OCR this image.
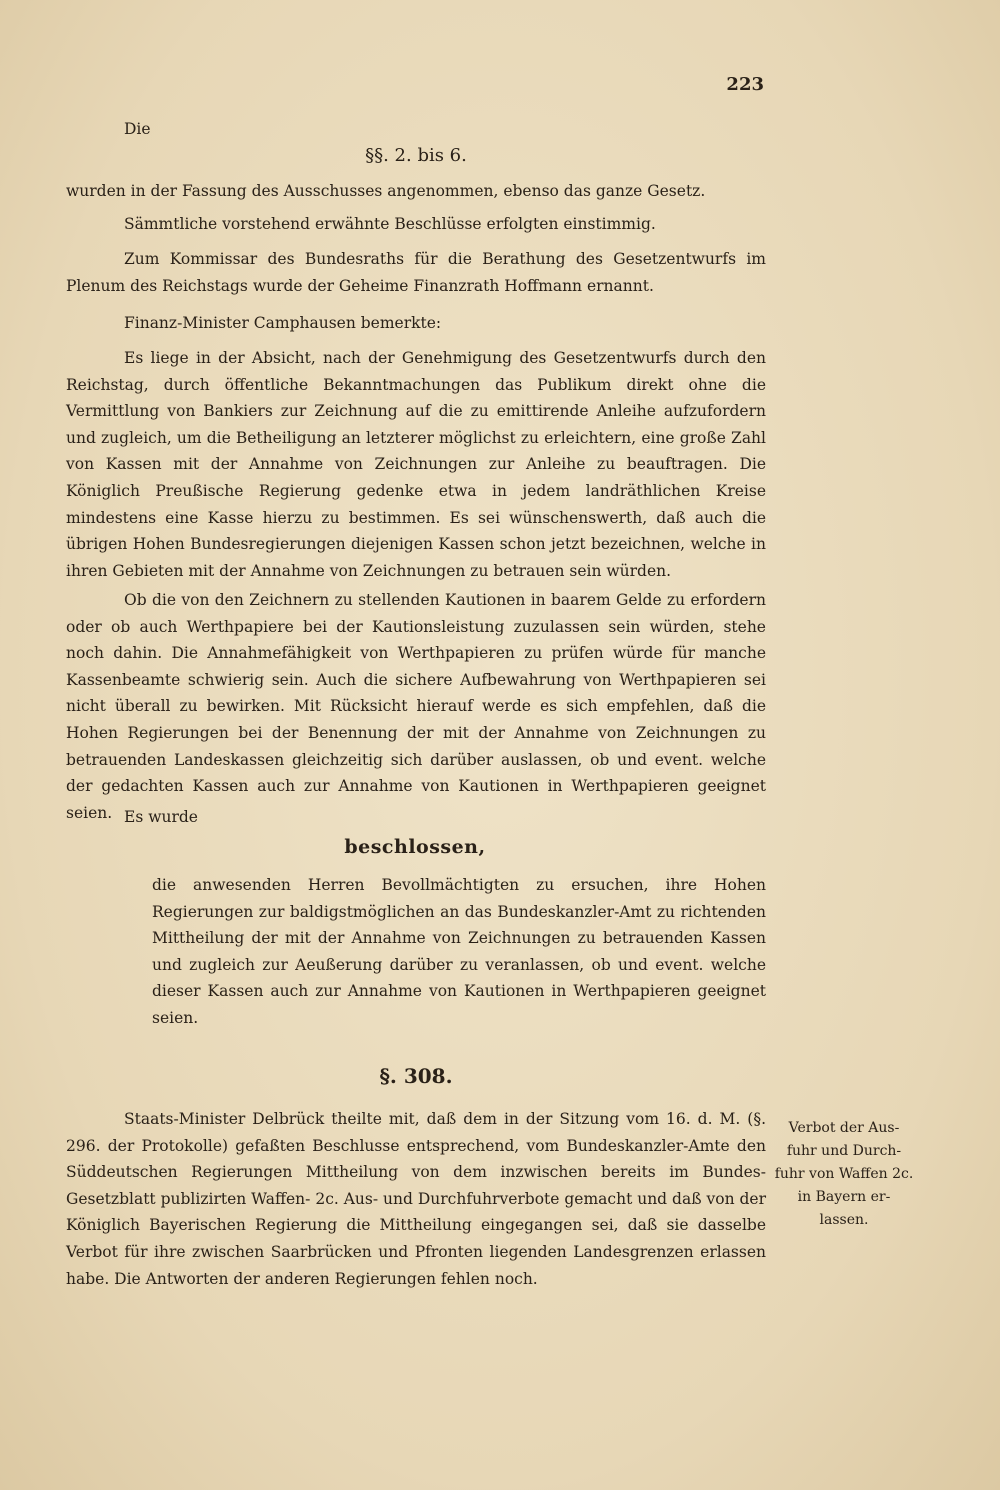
223
Die
§§. 2. bis 6.
wurden in der Fassung des Ausschusses angenommen, ebenso das ganze Gesetz.
Sämmtliche vorstehend erwähnte Beschlüsse erfolgten einstimmig.

Zum Kommissar des Bundesraths für die Berathung des Gesetzentwurfs im Plenum des Reichstags wurde der Geheime Finanzrath Hoffmann ernannt.

Finanz-Minister Camphausen bemerkte:

Es liege in der Absicht, nach der Genehmigung des Gesetzentwurfs durch den Reichstag, durch öffentliche Bekanntmachungen das Publikum direkt ohne die Vermittlung von Bankiers zur Zeichnung auf die zu emittirende Anleihe aufzufordern und zugleich, um die Betheiligung an letzterer möglichst zu erleichtern, eine große Zahl von Kassen mit der Annahme von Zeichnungen zur Anleihe zu beauftragen. Die Königlich Preußische Regierung gedenke etwa in jedem landräthlichen Kreise mindestens eine Kasse hierzu zu bestimmen. Es sei wünschenswerth, daß auch die übrigen Hohen Bundesregierungen diejenigen Kassen schon jetzt bezeichnen, welche in ihren Gebieten mit der Annahme von Zeichnungen zu betrauen sein würden.

Ob die von den Zeichnern zu stellenden Kautionen in baarem Gelde zu erfordern oder ob auch Werthpapiere bei der Kautionsleistung zuzulassen sein würden, stehe noch dahin. Die Annahmefähigkeit von Werthpapieren zu prüfen würde für manche Kassenbeamte schwierig sein. Auch die sichere Aufbewahrung von Werthpapieren sei nicht überall zu bewirken. Mit Rücksicht hierauf werde es sich empfehlen, daß die Hohen Regierungen bei der Benennung der mit der Annahme von Zeichnungen zu betrauenden Landeskassen gleichzeitig sich darüber auslassen, ob und event. welche der gedachten Kassen auch zur Annahme von Kautionen in Werthpapieren geeignet seien. Es wurde
beschlossen,

die anwesenden Herren Bevollmächtigten zu ersuchen, ihre Hohen Regierungen zur baldigstmöglichen an das Bundeskanzler-Amt zu richtenden Mittheilung der mit der Annahme von Zeichnungen zu betrauenden Kassen und zugleich zur Aeußerung darüber zu veranlassen, ob und event. welche dieser Kassen auch zur Annahme von Kautionen in Werthpapieren geeignet seien.

§. 308.

Staats-Minister Delbrück theilte mit, daß dem in der Sitzung vom 16. d. M. (§. 296. der Protokolle) gefaßten Beschlusse entsprechend, vom Bundeskanzler-Amte den Süddeutschen Regierungen Mittheilung von dem inzwischen bereits im Bundes-Gesetzblatt publizirten Waffen- 2c. Aus- und Durchfuhrverbote gemacht und daß von der Königlich Bayerischen Regierung die Mittheilung eingegangen sei, daß sie dasselbe Verbot für ihre zwischen Saarbrücken und Pfronten liegenden Landesgrenzen erlassen habe. Die Antworten der anderen Regierungen fehlen noch.

Verbot der Aus-fuhr und Durch-fuhr von Waffen 2c. in Bayern er-lassen.
